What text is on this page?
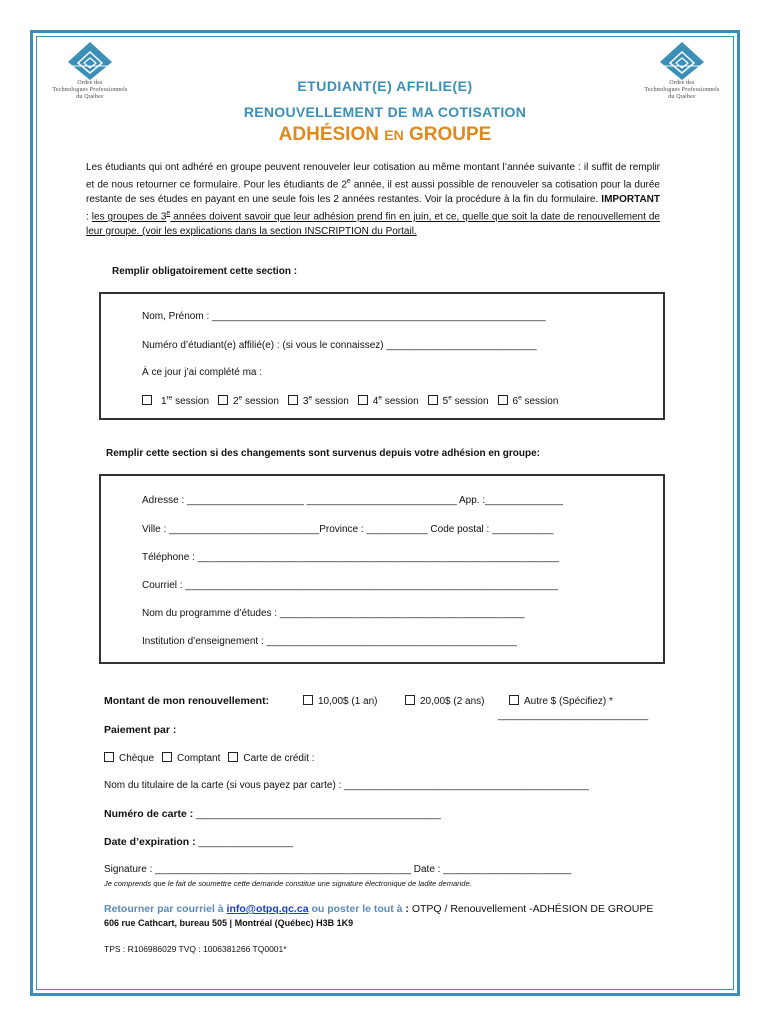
Ordre des
Technologues Professionnels
du Québec
Ordre des
Technologues Professionnels
du Québec
ETUDIANT(E) AFFILIE(E)
RENOUVELLEMENT DE MA COTISATION
ADHÉSION EN GROUPE
Les étudiants qui ont adhéré en groupe peuvent renouveler leur cotisation au même montant l’année suivante : il suffit de remplir et de nous retourner ce formulaire. Pour les étudiants de 2e année, il est aussi possible de renouveler sa cotisation pour la durée restante de ses études en payant en une seule fois les 2 années restantes. Voir la procédure à la fin du formulaire. IMPORTANT : les groupes de 3e années doivent savoir que leur adhésion prend fin en juin, et ce, quelle que soit la date de renouvellement de leur groupe. (voir les explications dans la section INSCRIPTION du Portail.
Remplir obligatoirement cette section :
Nom, Prénom : ____________________________________________________________
Numéro d’étudiant(e) affilié(e) : (si vous le connaissez) ___________________________
À ce jour j’ai complété ma :
1re session 2e session 3e session 4e session 5e session 6e session
Remplir cette section si des changements sont survenus depuis votre adhésion en groupe:
Adresse : _____________________ ___________________________ App. :______________
Ville : ___________________________Province : ___________ Code postal : ___________
Téléphone : _________________________________________________________________
Courriel : ___________________________________________________________________
Nom du programme d’études : ____________________________________________
Institution d’enseignement : _____________________________________________
Montant de mon renouvellement:	10,00$ (1 an)	20,00$ (2 ans)	Autre $ (Spécifiez) *
___________________________
Paiement par :
Chèque Comptant Carte de crédit :
Nom du titulaire de la carte (si vous payez par carte) : ____________________________________________
Numéro de carte : ____________________________________________
Date d’expiration : _________________
Signature : ______________________________________________ Date : _______________________
Je comprends que le fait de soumettre cette demande constitue une signature électronique de ladite demande.
Retourner par courriel à info@otpq.qc.ca ou poster le tout à : OTPQ / Renouvellement -ADHÉSION DE GROUPE
606 rue Cathcart, bureau 505 | Montréal (Québec) H3B 1K9
TPS : R106986029 TVQ : 1006381266 TQ0001*
